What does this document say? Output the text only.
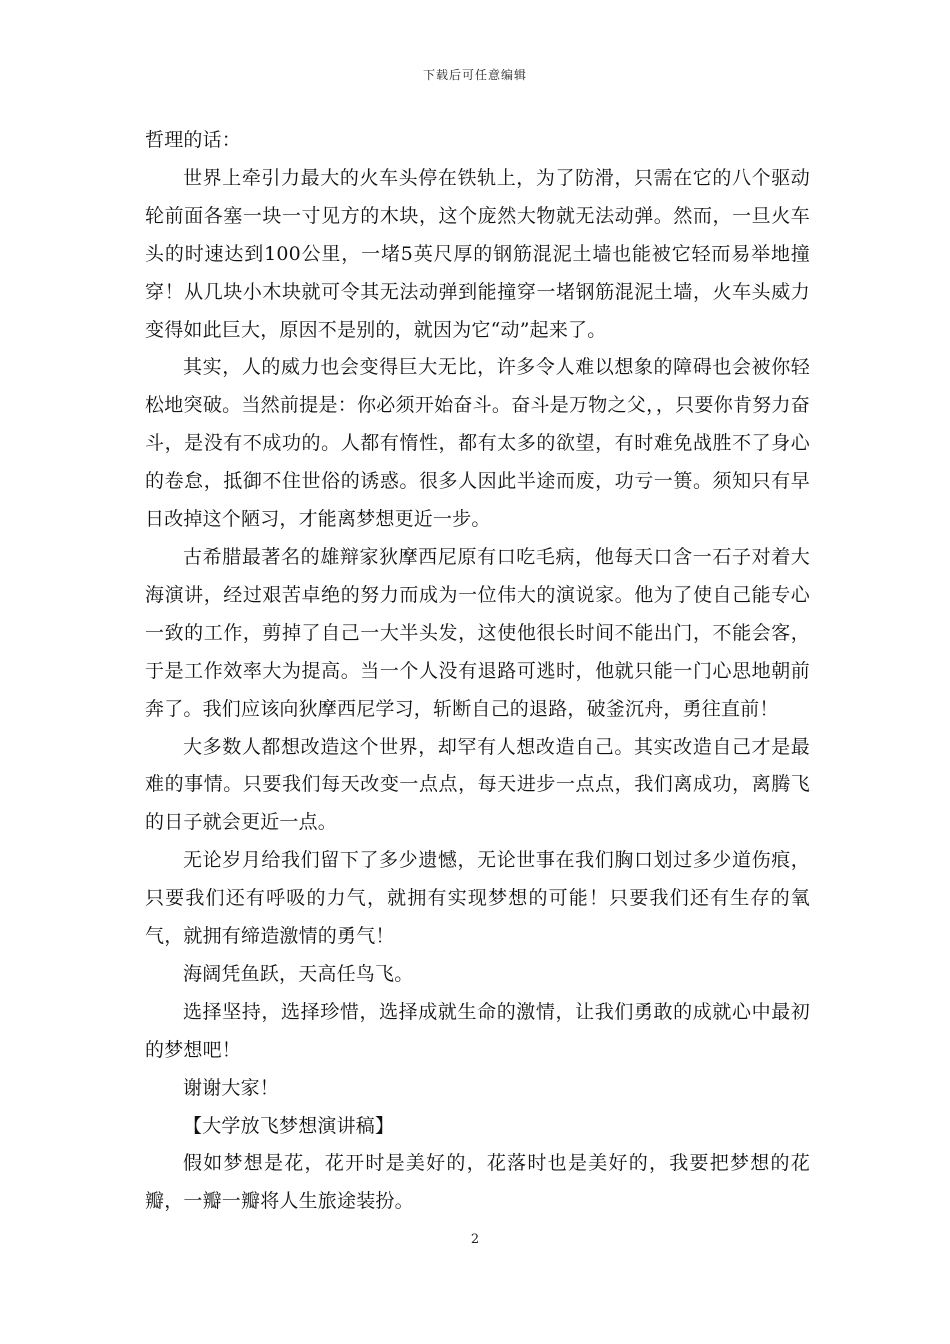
下载后可任意编辑

哲理的话：

世界上牵引力最大的火车头停在铁轨上，为了防滑，只需在它的八个驱动轮前面各塞一块一寸见方的木块，这个庞然大物就无法动弹。然而，一旦火车头的时速达到100公里，一堵5英尺厚的钢筋混泥土墙也能被它轻而易举地撞穿！从几块小木块就可令其无法动弹到能撞穿一堵钢筋混泥土墙，火车头威力变得如此巨大，原因不是别的，就因为它“动”起来了。

其实，人的威力也会变得巨大无比，许多令人难以想象的障碍也会被你轻松地突破。当然前提是：你必须开始奋斗。奋斗是万物之父，，只要你肯努力奋斗，是没有不成功的。人都有惰性，都有太多的欲望，有时难免战胜不了身心的卷怠，抵御不住世俗的诱惑。很多人因此半途而废，功亏一篑。须知只有早日改掉这个陋习，才能离梦想更近一步。

古希腊最著名的雄辩家狄摩西尼原有口吃毛病，他每天口含一石子对着大海演讲，经过艰苦卓绝的努力而成为一位伟大的演说家。他为了使自己能专心一致的工作，剪掉了自己一大半头发，这使他很长时间不能出门，不能会客，于是工作效率大为提高。当一个人没有退路可逃时，他就只能一门心思地朝前奔了。我们应该向狄摩西尼学习，斩断自己的退路，破釜沉舟，勇往直前！

大多数人都想改造这个世界，却罕有人想改造自己。其实改造自己才是最难的事情。只要我们每天改变一点点，每天进步一点点，我们离成功，离腾飞的日子就会更近一点。

无论岁月给我们留下了多少遗憾，无论世事在我们胸口划过多少道伤痕，只要我们还有呼吸的力气，就拥有实现梦想的可能！只要我们还有生存的氧气，就拥有缔造激情的勇气！

海阔凭鱼跃，天高任鸟飞。

选择坚持，选择珍惜，选择成就生命的激情，让我们勇敢的成就心中最初的梦想吧！

谢谢大家！

【大学放飞梦想演讲稿】

假如梦想是花，花开时是美好的，花落时也是美好的，我要把梦想的花瓣，一瓣一瓣将人生旅途装扮。

2
